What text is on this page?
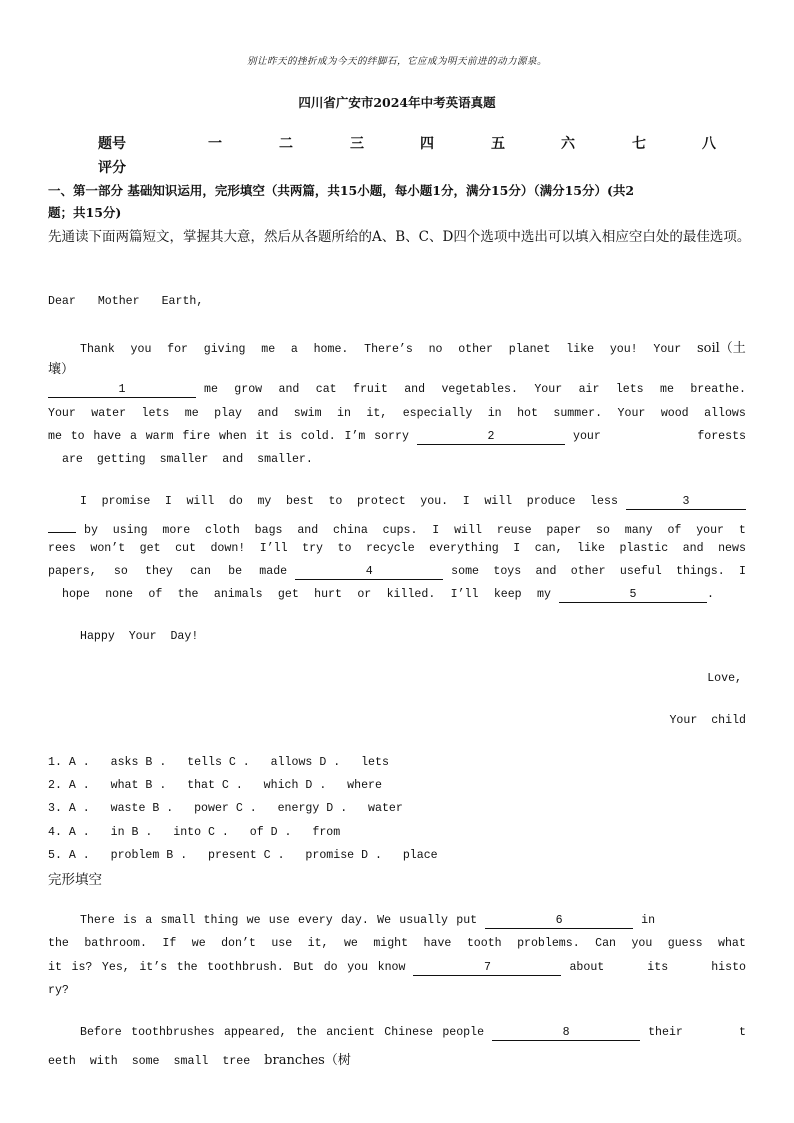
别让昨天的挫折成为今天的绊脚石，它应成为明天前进的动力源泉。
四川省广安市2024年中考英语真题
题号	一	二	三	四	五	六	七	八
评分
一、第一部分 基础知识运用，完形填空（共两篇，共15小题，每小题1分，满分15分）（满分15分）(共2
题；共15分)
先通读下面两篇短文，掌握其大意，然后从各题所给的A、B、C、D四个选项中选出可以填入相应空白处的最佳选项。
Dear Mother Earth,
Thank you for giving me a home. There’s no other planet like you! Your soil（土
壤）
1	me grow and cat fruit and vegetables. Your air lets me breathe.
Your water lets me play and swim in it, especially in hot summer. Your wood allows
me to have a warm fire when it is cold. I’m sorry	2	your	forests
are getting smaller and smaller.
I promise I will do my best to protect you. I will produce less	3
by using more cloth bags and china cups. I will reuse paper so many of your t
rees won’t get cut down! I’ll try to recycle everything I can, like plastic and news
papers, so they can be made	4	some toys and other useful things. I
hope none of the animals get hurt or killed. I’ll keep my	5	.
Happy  Your  Day!
Love,
Your  child
1. A .   asks B .   tells C .   allows D .   lets
2. A .   what B .   that C .   which D .   where
3. A .   waste B .   power C .   energy D .   water
4. A .   in B .   into C .   of D .   from
5. A .   problem B .   present C .   promise D .   place
完形填空
There is a small thing we use every day. We usually put	6	in
the bathroom. If we don’t use it, we might have tooth problems. Can you guess what
it is? Yes, it’s the toothbrush. But do you know	7	about	its	histo
ry?
Before toothbrushes appeared, the ancient Chinese people	8	their	t
eeth with some small tree branches（树
